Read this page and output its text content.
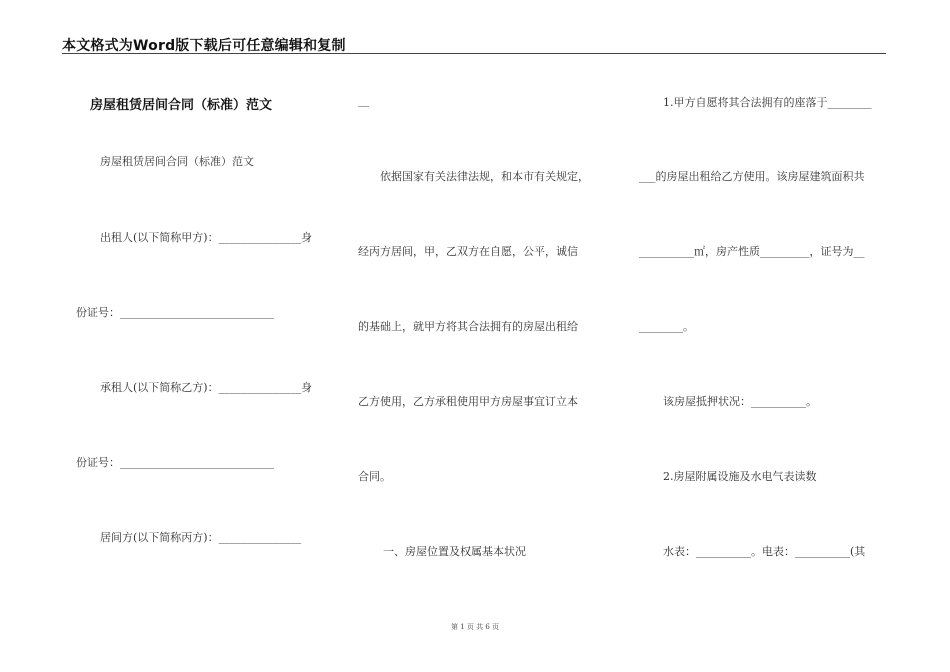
本文格式为Word版下载后可任意编辑和复制
房屋租赁居间合同（标准）范文
房屋租赁居间合同（标准）范文
出租人(以下简称甲方)：_______________身
份证号：____________________________
承租人(以下简称乙方)：_______________身
份证号：____________________________
居间方(以下简称丙方)：_______________
__
依据国家有关法律法规，和本市有关规定，
经丙方居间，甲，乙双方在自愿，公平，诚信
的基础上，就甲方将其合法拥有的房屋出租给
乙方使用，乙方承租使用甲方房屋事宜订立本
合同。
一、房屋位置及权属基本状况
1.甲方自愿将其合法拥有的座落于________
___的房屋出租给乙方使用。该房屋建筑面积共
__________㎡，房产性质_________，证号为__
________。
该房屋抵押状况：__________。
2.房屋附属设施及水电气表读数
水表：__________。电表：__________(其
第 1 页 共 6 页
